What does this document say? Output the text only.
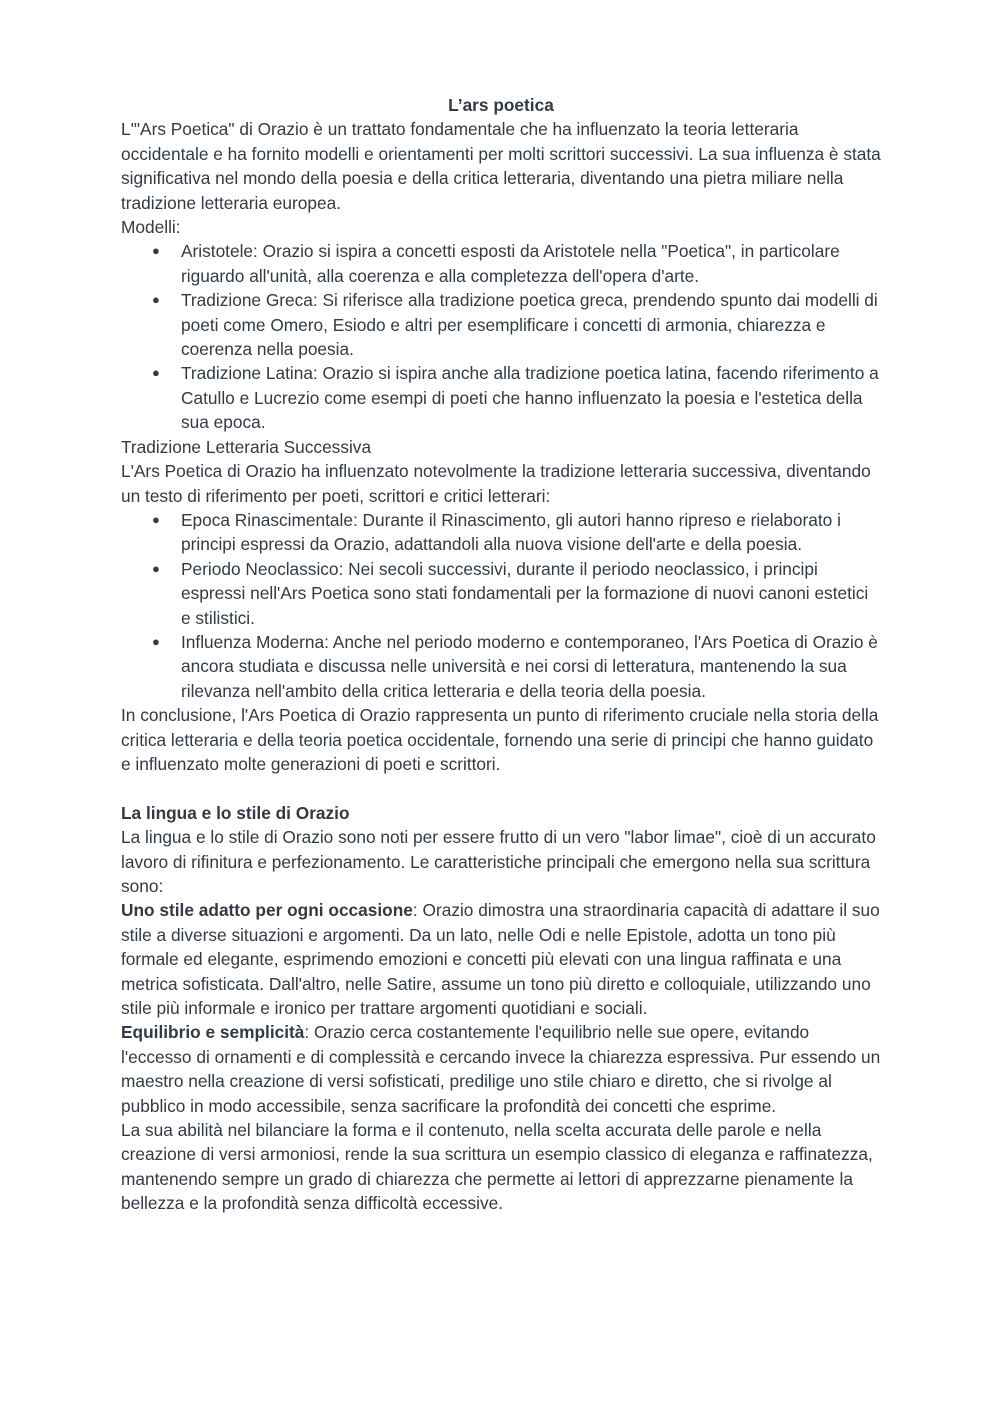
L’ars poetica

L'"Ars Poetica" di Orazio è un trattato fondamentale che ha influenzato la teoria letteraria occidentale e ha fornito modelli e orientamenti per molti scrittori successivi. La sua influenza è stata significativa nel mondo della poesia e della critica letteraria, diventando una pietra miliare nella tradizione letteraria europea.

Modelli:

● Aristotele: Orazio si ispira a concetti esposti da Aristotele nella "Poetica", in particolare riguardo all'unità, alla coerenza e alla completezza dell'opera d'arte.
● Tradizione Greca: Si riferisce alla tradizione poetica greca, prendendo spunto dai modelli di poeti come Omero, Esiodo e altri per esemplificare i concetti di armonia, chiarezza e coerenza nella poesia.
● Tradizione Latina: Orazio si ispira anche alla tradizione poetica latina, facendo riferimento a Catullo e Lucrezio come esempi di poeti che hanno influenzato la poesia e l'estetica della sua epoca.

Tradizione Letteraria Successiva

L'Ars Poetica di Orazio ha influenzato notevolmente la tradizione letteraria successiva, diventando un testo di riferimento per poeti, scrittori e critici letterari:

● Epoca Rinascimentale: Durante il Rinascimento, gli autori hanno ripreso e rielaborato i principi espressi da Orazio, adattandoli alla nuova visione dell'arte e della poesia.
● Periodo Neoclassico: Nei secoli successivi, durante il periodo neoclassico, i principi espressi nell'Ars Poetica sono stati fondamentali per la formazione di nuovi canoni estetici e stilistici.
● Influenza Moderna: Anche nel periodo moderno e contemporaneo, l'Ars Poetica di Orazio è ancora studiata e discussa nelle università e nei corsi di letteratura, mantenendo la sua rilevanza nell'ambito della critica letteraria e della teoria della poesia.

In conclusione, l'Ars Poetica di Orazio rappresenta un punto di riferimento cruciale nella storia della critica letteraria e della teoria poetica occidentale, fornendo una serie di principi che hanno guidato e influenzato molte generazioni di poeti e scrittori.

La lingua e lo stile di Orazio

La lingua e lo stile di Orazio sono noti per essere frutto di un vero "labor limae", cioè di un accurato lavoro di rifinitura e perfezionamento. Le caratteristiche principali che emergono nella sua scrittura sono:

Uno stile adatto per ogni occasione: Orazio dimostra una straordinaria capacità di adattare il suo stile a diverse situazioni e argomenti. Da un lato, nelle Odi e nelle Epistole, adotta un tono più formale ed elegante, esprimendo emozioni e concetti più elevati con una lingua raffinata e una metrica sofisticata. Dall'altro, nelle Satire, assume un tono più diretto e colloquiale, utilizzando uno stile più informale e ironico per trattare argomenti quotidiani e sociali.

Equilibrio e semplicità: Orazio cerca costantemente l'equilibrio nelle sue opere, evitando l'eccesso di ornamenti e di complessità e cercando invece la chiarezza espressiva. Pur essendo un maestro nella creazione di versi sofisticati, predilige uno stile chiaro e diretto, che si rivolge al pubblico in modo accessibile, senza sacrificare la profondità dei concetti che esprime.

La sua abilità nel bilanciare la forma e il contenuto, nella scelta accurata delle parole e nella creazione di versi armoniosi, rende la sua scrittura un esempio classico di eleganza e raffinatezza, mantenendo sempre un grado di chiarezza che permette ai lettori di apprezzarne pienamente la bellezza e la profondità senza difficoltà eccessive.
